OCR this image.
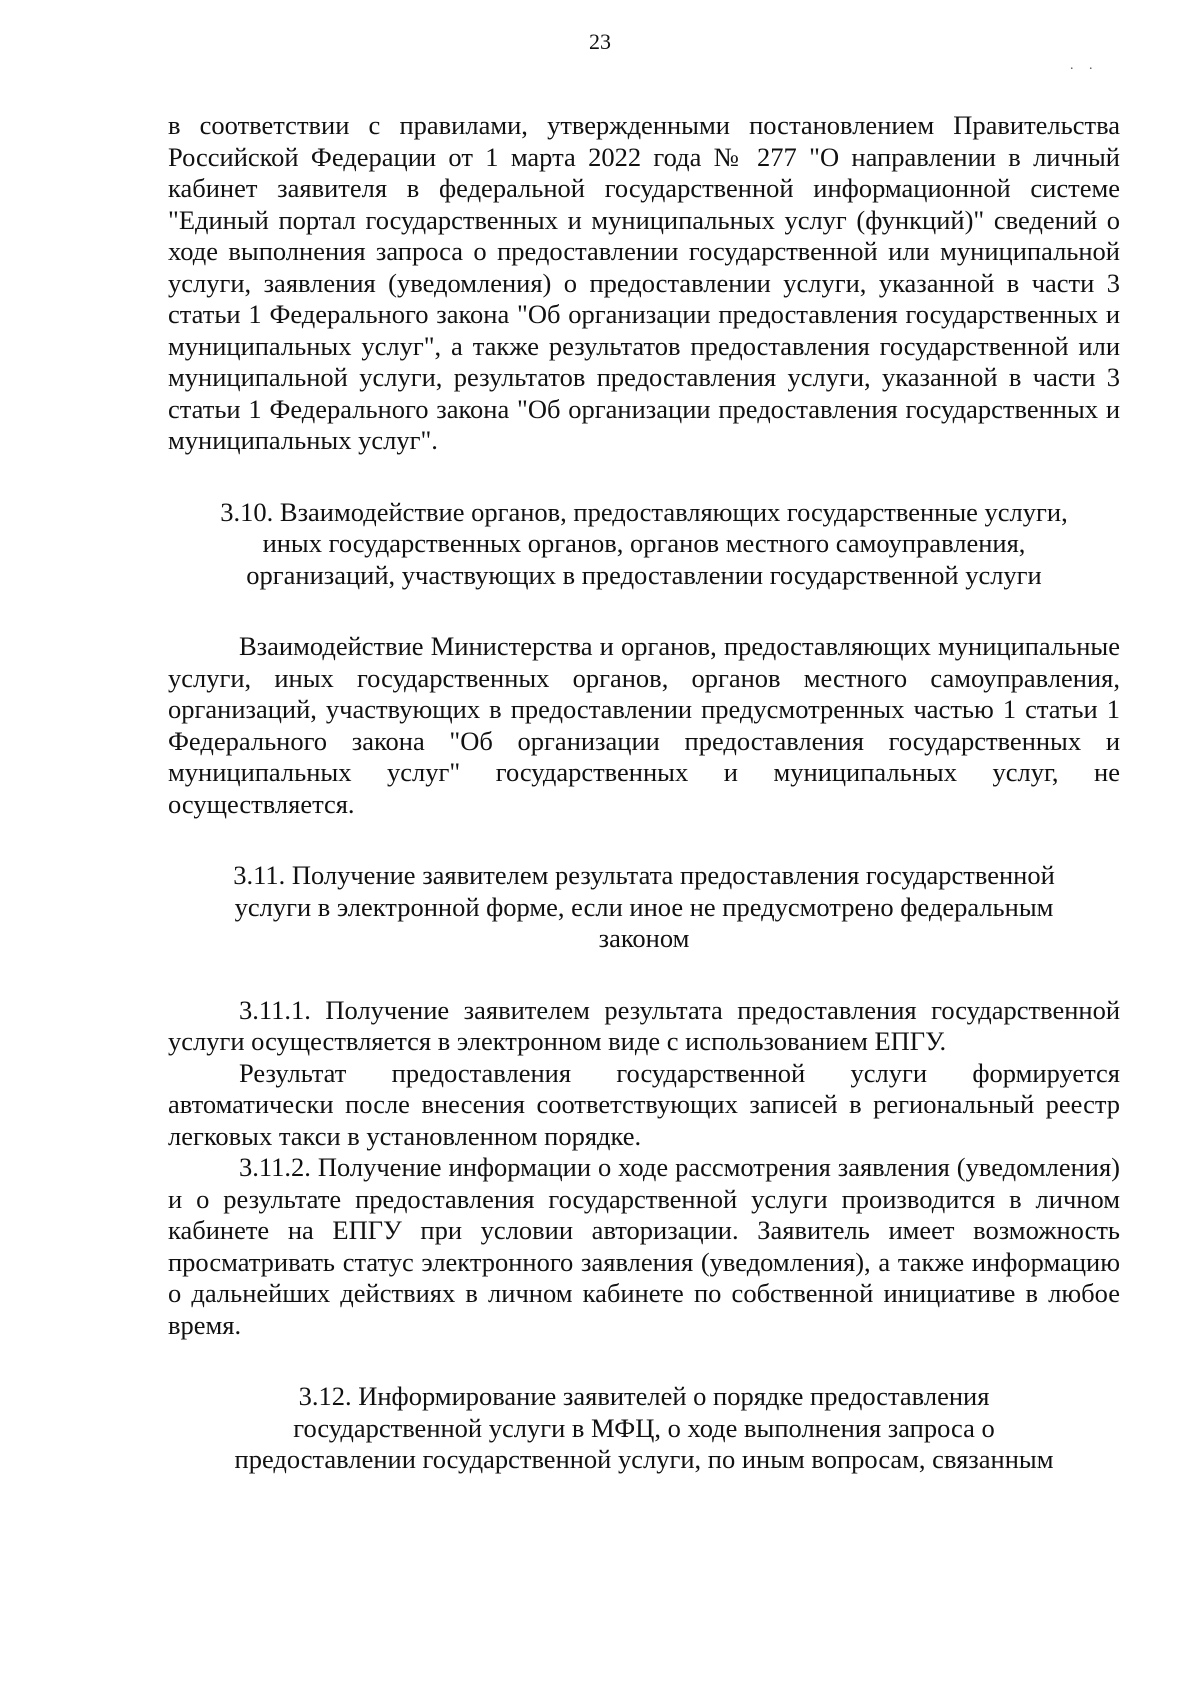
23
. .

в соответствии с правилами, утвержденными постановлением Правительства Российской Федерации от 1 марта 2022 года № 277 "О направлении в личный кабинет заявителя в федеральной государственной информационной системе "Единый портал государственных и муниципальных услуг (функций)" сведений о ходе выполнения запроса о предоставлении государственной или муниципальной услуги, заявления (уведомления) о предоставлении услуги, указанной в части 3 статьи 1 Федерального закона "Об организации предоставления государственных и муниципальных услуг", а также результатов предоставления государственной или муниципальной услуги, результатов предоставления услуги, указанной в части 3 статьи 1 Федерального закона "Об организации предоставления государственных и муниципальных услуг".

3.10. Взаимодействие органов, предоставляющих государственные услуги, иных государственных органов, органов местного самоуправления, организаций, участвующих в предоставлении государственной услуги

Взаимодействие Министерства и органов, предоставляющих муниципальные услуги, иных государственных органов, органов местного самоуправления, организаций, участвующих в предоставлении предусмотренных частью 1 статьи 1 Федерального закона "Об организации предоставления государственных и муниципальных услуг" государственных и муниципальных услуг, не осуществляется.

3.11. Получение заявителем результата предоставления государственной услуги в электронной форме, если иное не предусмотрено федеральным законом

3.11.1. Получение заявителем результата предоставления государственной услуги осуществляется в электронном виде с использованием ЕПГУ.

Результат предоставления государственной услуги формируется автоматически после внесения соответствующих записей в региональный реестр легковых такси в установленном порядке.

3.11.2. Получение информации о ходе рассмотрения заявления (уведомления) и о результате предоставления государственной услуги производится в личном кабинете на ЕПГУ при условии авторизации. Заявитель имеет возможность просматривать статус электронного заявления (уведомления), а также информацию о дальнейших действиях в личном кабинете по собственной инициативе в любое время.

3.12. Информирование заявителей о порядке предоставления государственной услуги в МФЦ, о ходе выполнения запроса о предоставлении государственной услуги, по иным вопросам, связанным
